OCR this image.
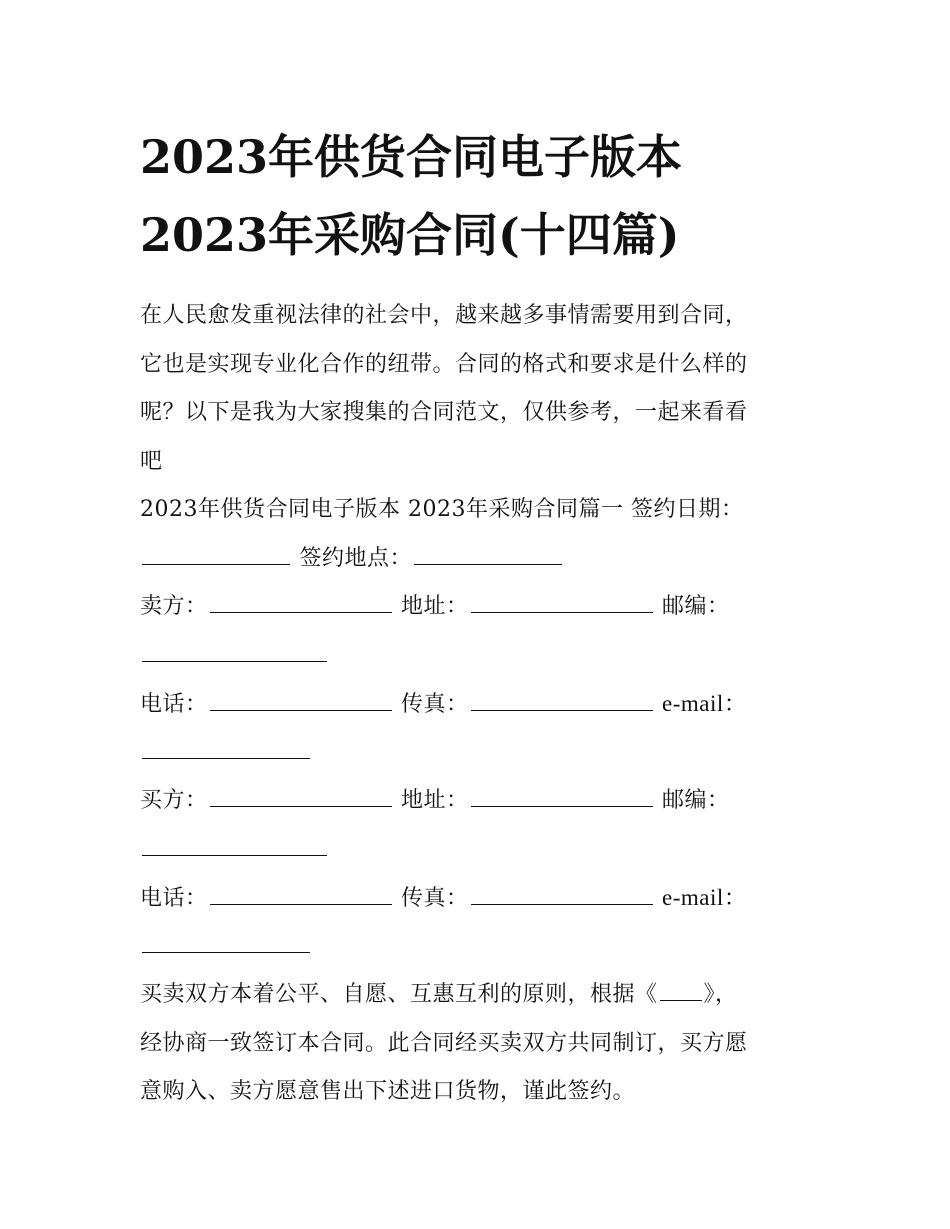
2023年供货合同电子版本
2023年采购合同(十四篇)
在人民愈发重视法律的社会中，越来越多事情需要用到合同，
它也是实现专业化合作的纽带。合同的格式和要求是什么样的
呢？以下是我为大家搜集的合同范文，仅供参考，一起来看看
吧
2023年供货合同电子版本 2023年采购合同篇一 签约日期：
签约地点：
卖方：	地址：	邮编：
电话：	传真：	e-mail：
买方：	地址：	邮编：
电话：	传真：	e-mail：
买卖双方本着公平、自愿、互惠互利的原则，根据《 》，
经协商一致签订本合同。此合同经买卖双方共同制订，买方愿
意购入、卖方愿意售出下述进口货物，谨此签约。
